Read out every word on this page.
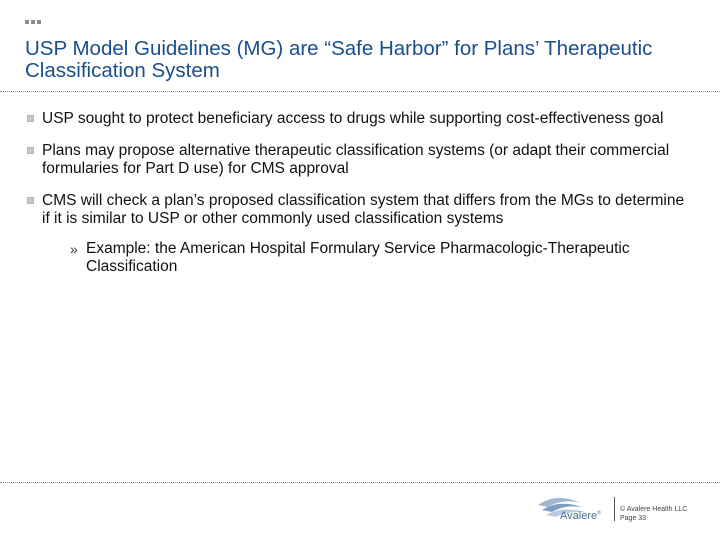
USP Model Guidelines (MG) are “Safe Harbor” for Plans’ Therapeutic Classification System
USP sought to protect beneficiary access to drugs while supporting cost-effectiveness goal
Plans may propose alternative therapeutic classification systems (or adapt their commercial formularies for Part D use) for CMS approval
CMS will check a plan’s proposed classification system that differs from the MGs to determine if it is similar to USP or other commonly used classification systems
» Example: the American Hospital Formulary Service Pharmacologic-Therapeutic Classification
Avalere®
© Avalere Health LLC
Page 33
